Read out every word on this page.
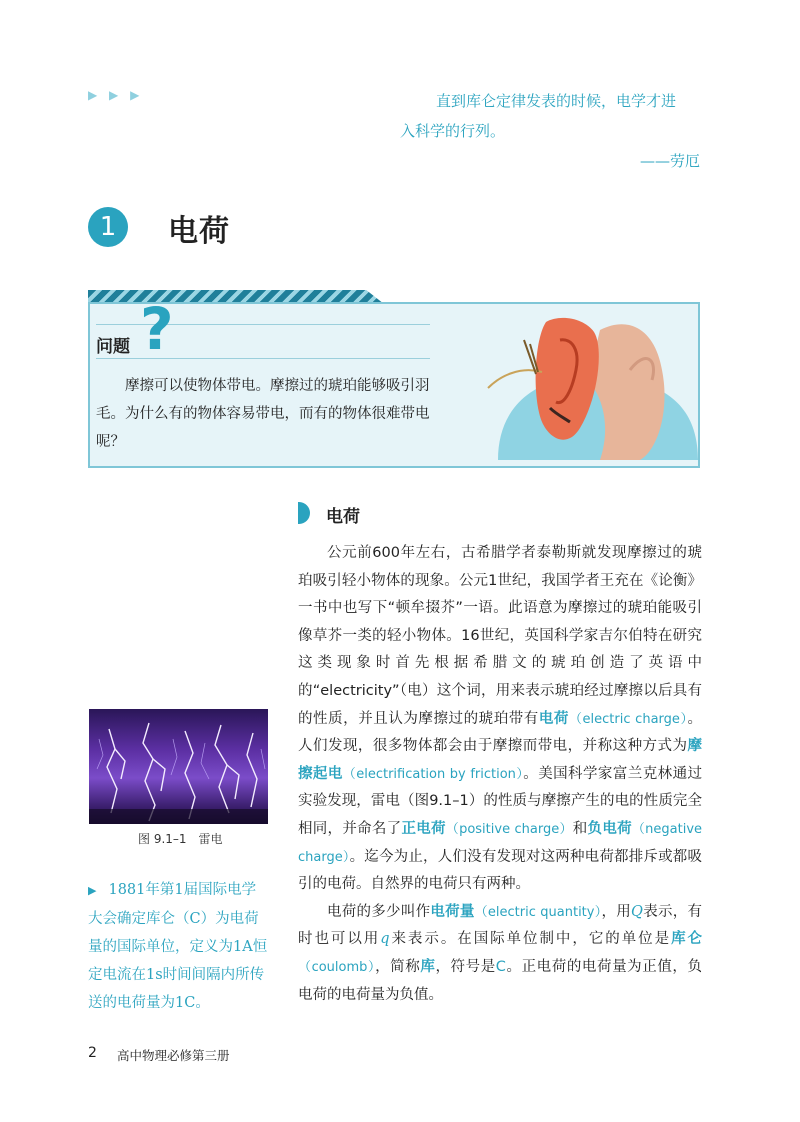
▶ ▶ ▶	直到库仑定律发表的时候，电学才进
入科学的行列。
——劳厄
1	电荷
问题 ?
摩擦可以使物体带电。摩擦过的琥珀能够吸引羽毛。为什么有的物体容易带电，而有的物体很难带电呢？
电荷

公元前600年左右，古希腊学者泰勒斯就发现摩擦过的琥珀吸引轻小物体的现象。公元1世纪，我国学者王充在《论衡》一书中也写下“顿牟掇芥”一语。此语意为摩擦过的琥珀能吸引像草芥一类的轻小物体。16世纪，英国科学家吉尔伯特在研究这类现象时首先根据希腊文的琥珀创造了英语中的“electricity”（电）这个词，用来表示琥珀经过摩擦以后具有的性质，并且认为摩擦过的琥珀带有电荷（electric charge）。人们发现，很多物体都会由于摩擦而带电，并称这种方式为摩擦起电（electrification by friction）。美国科学家富兰克林通过实验发现，雷电（图9.1–1）的性质与摩擦产生的电的性质完全相同，并命名了正电荷（positive charge）和负电荷（negative charge）。迄今为止，人们没有发现对这两种电荷都排斥或都吸引的电荷。自然界的电荷只有两种。

电荷的多少叫作电荷量（electric quantity），用Q表示，有时也可以用q来表示。在国际单位制中，它的单位是库仑（coulomb），简称库，符号是C。正电荷的电荷量为正值，负电荷的电荷量为负值。

图 9.1–1　雷电
▶ 1881年第1届国际电学大会确定库仑（C）为电荷量的国际单位，定义为1A恒定电流在1s时间间隔内所传送的电荷量为1C。
2 高中物理必修第三册
